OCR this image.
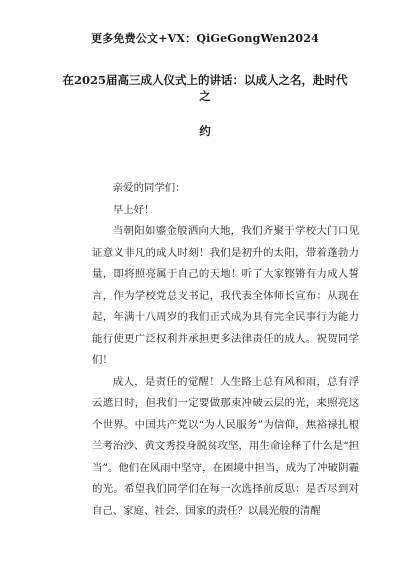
更多免费公文+VX：QiGeGongWen2024
在2025届高三成人仪式上的讲话：以成人之名，赴时代之
约

亲爱的同学们：

早上好！

当朝阳如鎏金般洒向大地，我们齐聚于学校大门口见证意义非凡的成人时刻！我们是初升的太阳，带着蓬勃力量，即将照亮属于自己的天地！听了大家铿锵有力成人誓言，作为学校党总支书记，我代表全体师长宣布：从现在起，年满十八周岁的我们正式成为具有完全民事行为能力能行使更广泛权利并承担更多法律责任的成人。祝贺同学们！

成人，是责任的觉醒！人生路上总有风和雨，总有浮云遮日时，但我们一定要做那束冲破云层的光，来照亮这个世界。中国共产党以“为人民服务”为信仰，焦裕禄扎根兰考治沙、黄文秀投身脱贫攻坚，用生命诠释了什么是“担当”。他们在风雨中坚守，在困境中担当，成为了冲破阴霾的光。希望我们同学们在每一次选择前反思：是否尽到对自己、家庭、社会、国家的责任？以晨光般的清醒
